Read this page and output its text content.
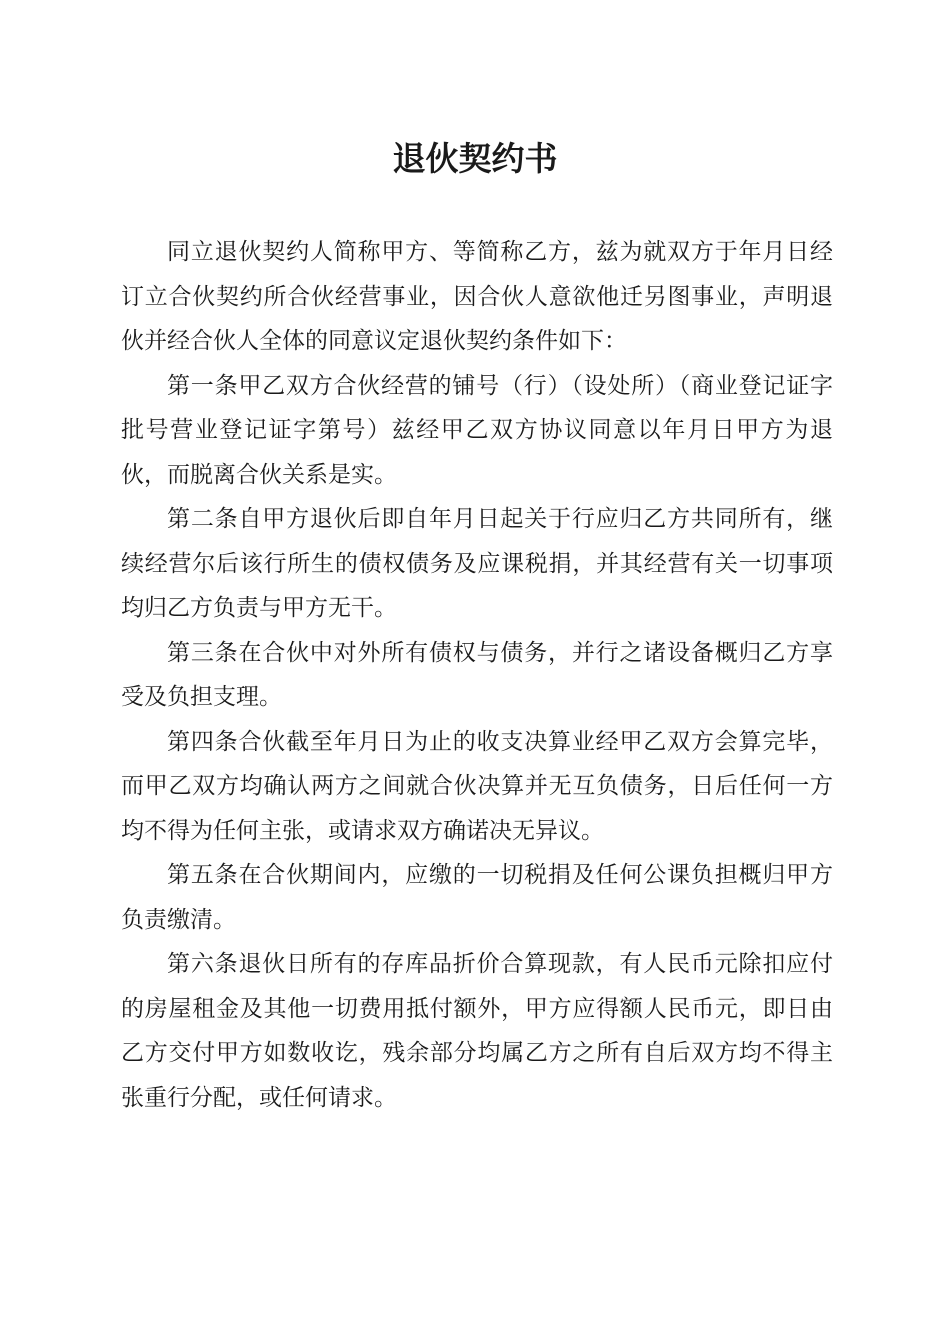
退伙契约书

同立退伙契约人简称甲方、等简称乙方，兹为就双方于年月日经订立合伙契约所合伙经营事业，因合伙人意欲他迁另图事业，声明退伙并经合伙人全体的同意议定退伙契约条件如下：

第一条甲乙双方合伙经营的铺号（行）（设处所）（商业登记证字批号营业登记证字第号）兹经甲乙双方协议同意以年月日甲方为退伙，而脱离合伙关系是实。

第二条自甲方退伙后即自年月日起关于行应归乙方共同所有，继续经营尔后该行所生的债权债务及应课税捐，并其经营有关一切事项均归乙方负责与甲方无干。

第三条在合伙中对外所有债权与债务，并行之诸设备概归乙方享受及负担支理。

第四条合伙截至年月日为止的收支决算业经甲乙双方会算完毕，而甲乙双方均确认两方之间就合伙决算并无互负债务，日后任何一方均不得为任何主张，或请求双方确诺决无异议。

第五条在合伙期间内，应缴的一切税捐及任何公课负担概归甲方负责缴清。

第六条退伙日所有的存库品折价合算现款，有人民币元除扣应付的房屋租金及其他一切费用抵付额外，甲方应得额人民币元，即日由乙方交付甲方如数收讫，残余部分均属乙方之所有自后双方均不得主张重行分配，或任何请求。
